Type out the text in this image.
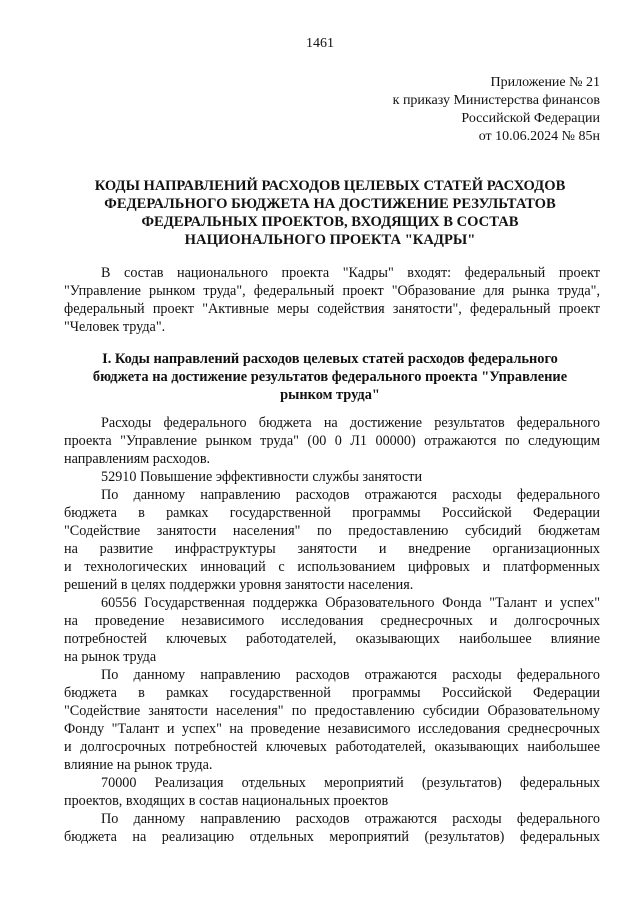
1461
Приложение № 21
к приказу Министерства финансов
Российской Федерации
от 10.06.2024 № 85н
КОДЫ НАПРАВЛЕНИЙ РАСХОДОВ ЦЕЛЕВЫХ СТАТЕЙ РАСХОДОВ
ФЕДЕРАЛЬНОГО БЮДЖЕТА НА ДОСТИЖЕНИЕ РЕЗУЛЬТАТОВ
ФЕДЕРАЛЬНЫХ ПРОЕКТОВ, ВХОДЯЩИХ В СОСТАВ
НАЦИОНАЛЬНОГО ПРОЕКТА "КАДРЫ"
В состав национального проекта "Кадры" входят: федеральный проект
"Управление рынком труда", федеральный проект "Образование для рынка труда",
федеральный проект "Активные меры содействия занятости", федеральный проект
"Человек труда".
I. Коды направлений расходов целевых статей расходов федерального
бюджета на достижение результатов федерального проекта "Управление
рынком труда"
Расходы федерального бюджета на достижение результатов федерального
проекта "Управление рынком труда" (00 0 Л1 00000) отражаются по следующим
направлениям расходов.
52910 Повышение эффективности службы занятости
По данному направлению расходов отражаются расходы федерального
бюджета в рамках государственной программы Российской Федерации
"Содействие занятости населения" по предоставлению субсидий бюджетам
на развитие инфраструктуры занятости и внедрение организационных
и технологических инноваций с использованием цифровых и платформенных
решений в целях поддержки уровня занятости населения.
60556 Государственная поддержка Образовательного Фонда "Талант и успех"
на проведение независимого исследования среднесрочных и долгосрочных
потребностей ключевых работодателей, оказывающих наибольшее влияние
на рынок труда
По данному направлению расходов отражаются расходы федерального
бюджета в рамках государственной программы Российской Федерации
"Содействие занятости населения" по предоставлению субсидии Образовательному
Фонду "Талант и успех" на проведение независимого исследования среднесрочных
и долгосрочных потребностей ключевых работодателей, оказывающих наибольшее
влияние на рынок труда.
70000 Реализация отдельных мероприятий (результатов) федеральных
проектов, входящих в состав национальных проектов
По данному направлению расходов отражаются расходы федерального
бюджета на реализацию отдельных мероприятий (результатов) федеральных
